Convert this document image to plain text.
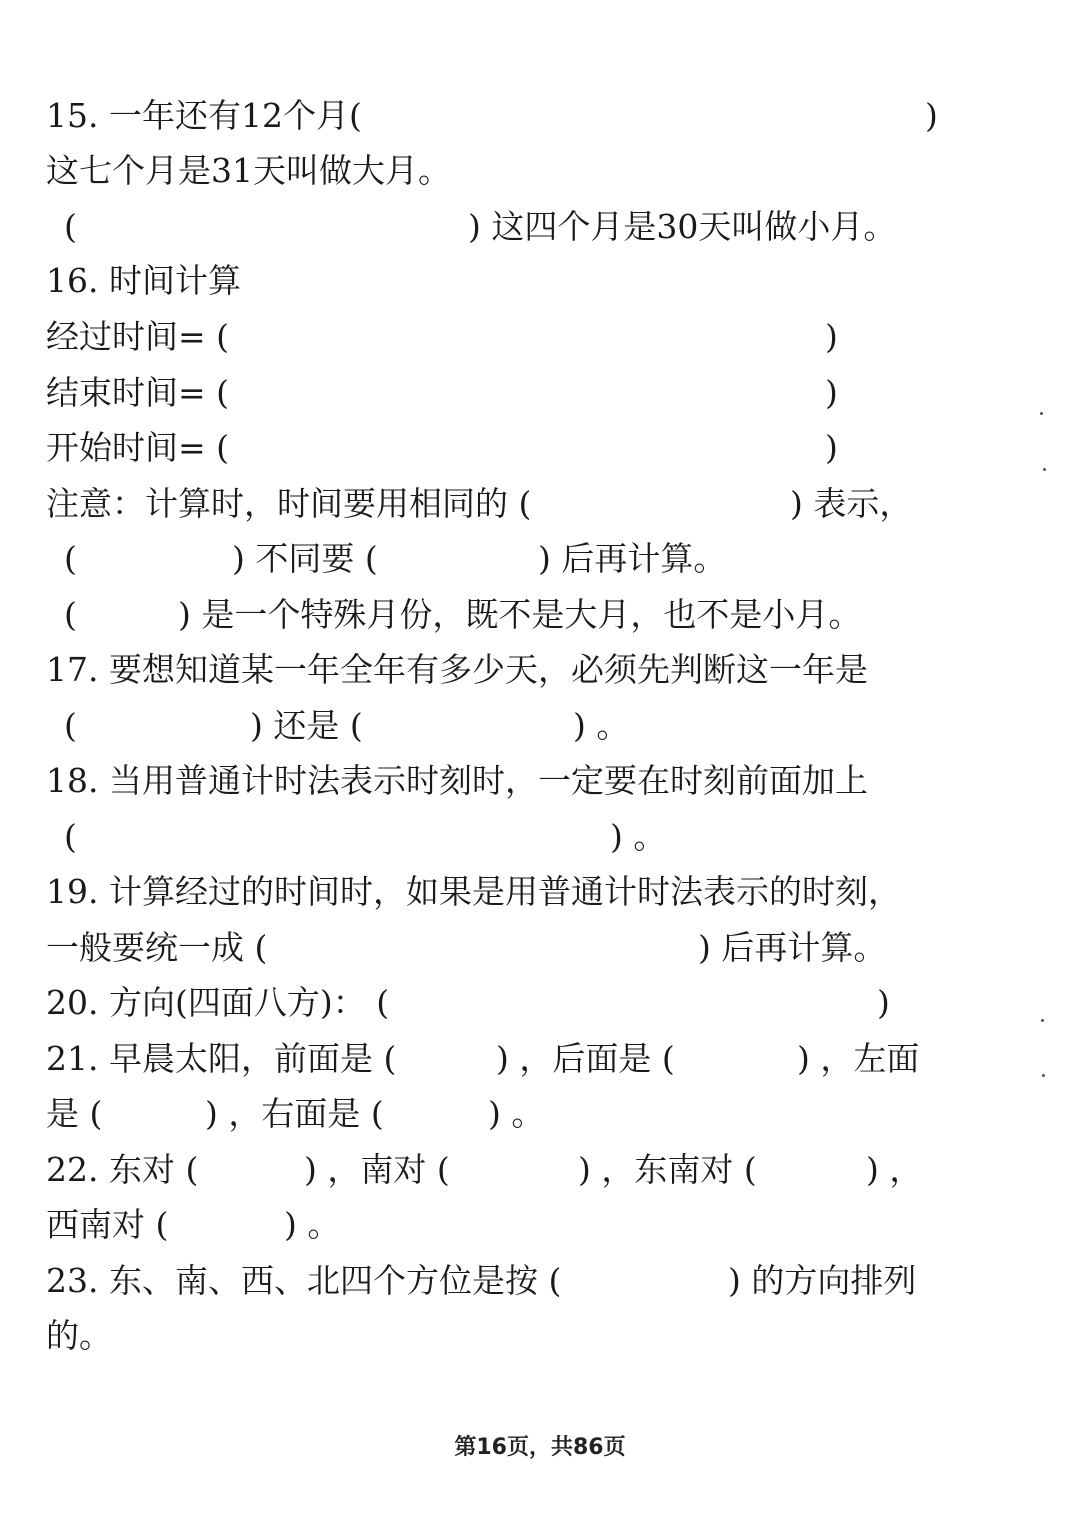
15. 一年还有12个月(

	)

这七个月是31天叫做大月。

(

	) 这四个月是30天叫做小月。

16. 时间计算

经过时间= (

	)

结束时间= (

	)

开始时间= (

	)

注意：计算时，时间要用相同的 (

	) 表示，

(

	) 不同要 (

	) 后再计算。

(

	) 是一个特殊月份，既不是大月，也不是小月。

17. 要想知道某一年全年有多少天，必须先判断这一年是

(

	) 还是 (

	) 。

18. 当用普通计时法表示时刻时，一定要在时刻前面加上

(

	) 。

19. 计算经过的时间时，如果是用普通计时法表示的时刻，

一般要统一成 (

	) 后再计算。

20. 方向(四面八方)： (

	)

21. 早晨太阳，前面是 (

	) ，后面是 (

	) ，左面

是 (

	) ，右面是 (

	) 。

22. 东对 (

	) ，南对 (

	) ，东南对 (

	) ，

西南对 (

	) 。

23. 东、南、西、北四个方位是按 (

	) 的方向排列

的。

第16页，共86页
